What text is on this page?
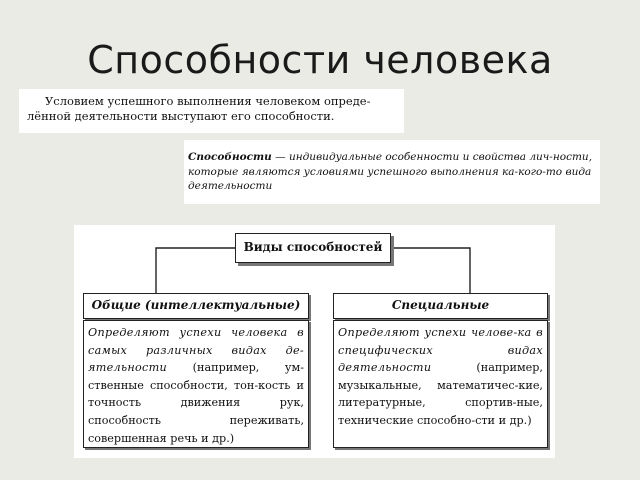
Способности человека
Условием успешного выполнения человеком опреде-
лённой деятельности выступают его способности.
Способности — индивидуальные особенности и свойства лич-ности, которые являются условиями успешного выполнения ка-кого-то вида деятельности
Виды способностей
Общие (интеллектуальные)
Определяют успехи человека в самых различных видах де-ятельности (например, ум-ственные способности, тон-кость и точность движения рук, способность переживать, совершенная речь и др.)
Специальные
Определяют успехи челове-ка в специфических видах деятельности (например, музыкальные, математичес-кие, литературные, спортив-ные, технические способно-сти и др.)
